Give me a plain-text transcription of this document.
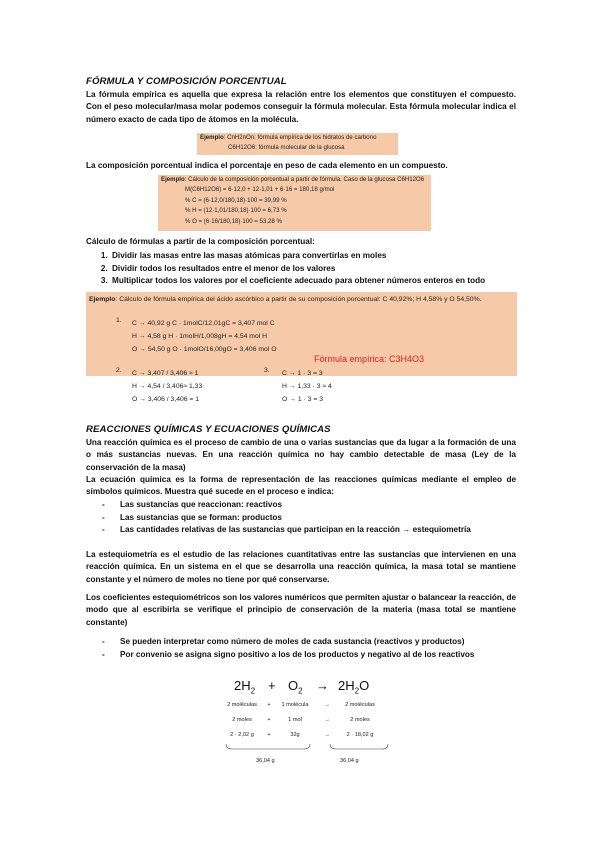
FÓRMULA Y COMPOSICIÓN PORCENTUAL
La fórmula empírica es aquella que expresa la relación entre los elementos que constituyen el compuesto. Con el peso molecular/masa molar podemos conseguir la fórmula molecular. Esta fórmula molecular indica el número exacto de cada tipo de átomos en la molécula.
Ejemplo: CnH2nOn: fórmula empírica de los hidratos de carbono
C6H12O6: fórmula molecular de la glucosa
La composición porcentual indica el porcentaje en peso de cada elemento en un compuesto.
Ejemplo: Cálculo de la composición porcentual a partir de fórmula. Caso de la glucosa C6H12O6
M(C6H12O6) = 6·12,0 + 12·1,01 + 6·16 = 180,18 g/mol
% C = (6·12,0/180,18)·100 = 39,99 %
% H = (12·1,01/180,18)·100 = 6,73 %
% O = (6·16/180,18)·100 = 53,28 %
Cálculo de fórmulas a partir de la composición porcentual:
1. Dividir las masas entre las masas atómicas para convertirlas en moles
2. Dividir todos los resultados entre el menor de los valores
3. Multiplicar todos los valores por el coeficiente adecuado para obtener números enteros en todo
Ejemplo: Cálculo de fórmula empírica del ácido ascórbico a partir de su composición porcentual: C 40,92%; H 4,58% y O 54,50%.
1. C → 40,92 g C · 1molC/12,01gC = 3,407 mol C
H → 4,58 g H · 1molH/1,008gH = 4,54 mol H
O → 54,50 g O · 1molO/16,00gO = 3,406 mol O
Fórmula empírica: C3H4O3
2. C → 3,407 / 3,406 ≈ 1
H → 4,54 / 3,406≈ 1,33
O → 3,406 / 3,406 = 1
3. C → 1 · 3 = 3
H → 1,33 · 3 ≈ 4
O → 1 · 3 = 3
REACCIONES QUÍMICAS Y ECUACIONES QUÍMICAS
Una reacción química es el proceso de cambio de una o varias sustancias que da lugar a la formación de una o más sustancias nuevas. En una reacción química no hay cambio detectable de masa (Ley de la conservación de la masa)
La ecuación química es la forma de representación de las reacciones químicas mediante el empleo de símbolos químicos. Muestra qué sucede en el proceso e indica:
- Las sustancias que reaccionan: reactivos
- Las sustancias que se forman: productos
- Las cantidades relativas de las sustancias que participan en la reacción → estequiometría
La estequiometría es el estudio de las relaciones cuantitativas entre las sustancias que intervienen en una reacción química. En un sistema en el que se desarrolla una reacción química, la masa total se mantiene constante y el número de moles no tiene por qué conservarse.
Los coeficientes estequiométricos son los valores numéricos que permiten ajustar o balancear la reacción, de modo que al escribirla se verifique el principio de conservación de la materia (masa total se mantiene constante)
- Se pueden interpretar como número de moles de cada sustancia (reactivos y productos)
- Por convenio se asigna signo positivo a los de los productos y negativo al de los reactivos
$2H_2 + O_2 \to 2H_2O$
2 moléculas + 1 molécula	→	2 moléculas
2 moles	+	1 mol	→	2 moles
2 · 2,02 g +	32g	→	2 · 18,02 g
36,04 g	36,04 g
